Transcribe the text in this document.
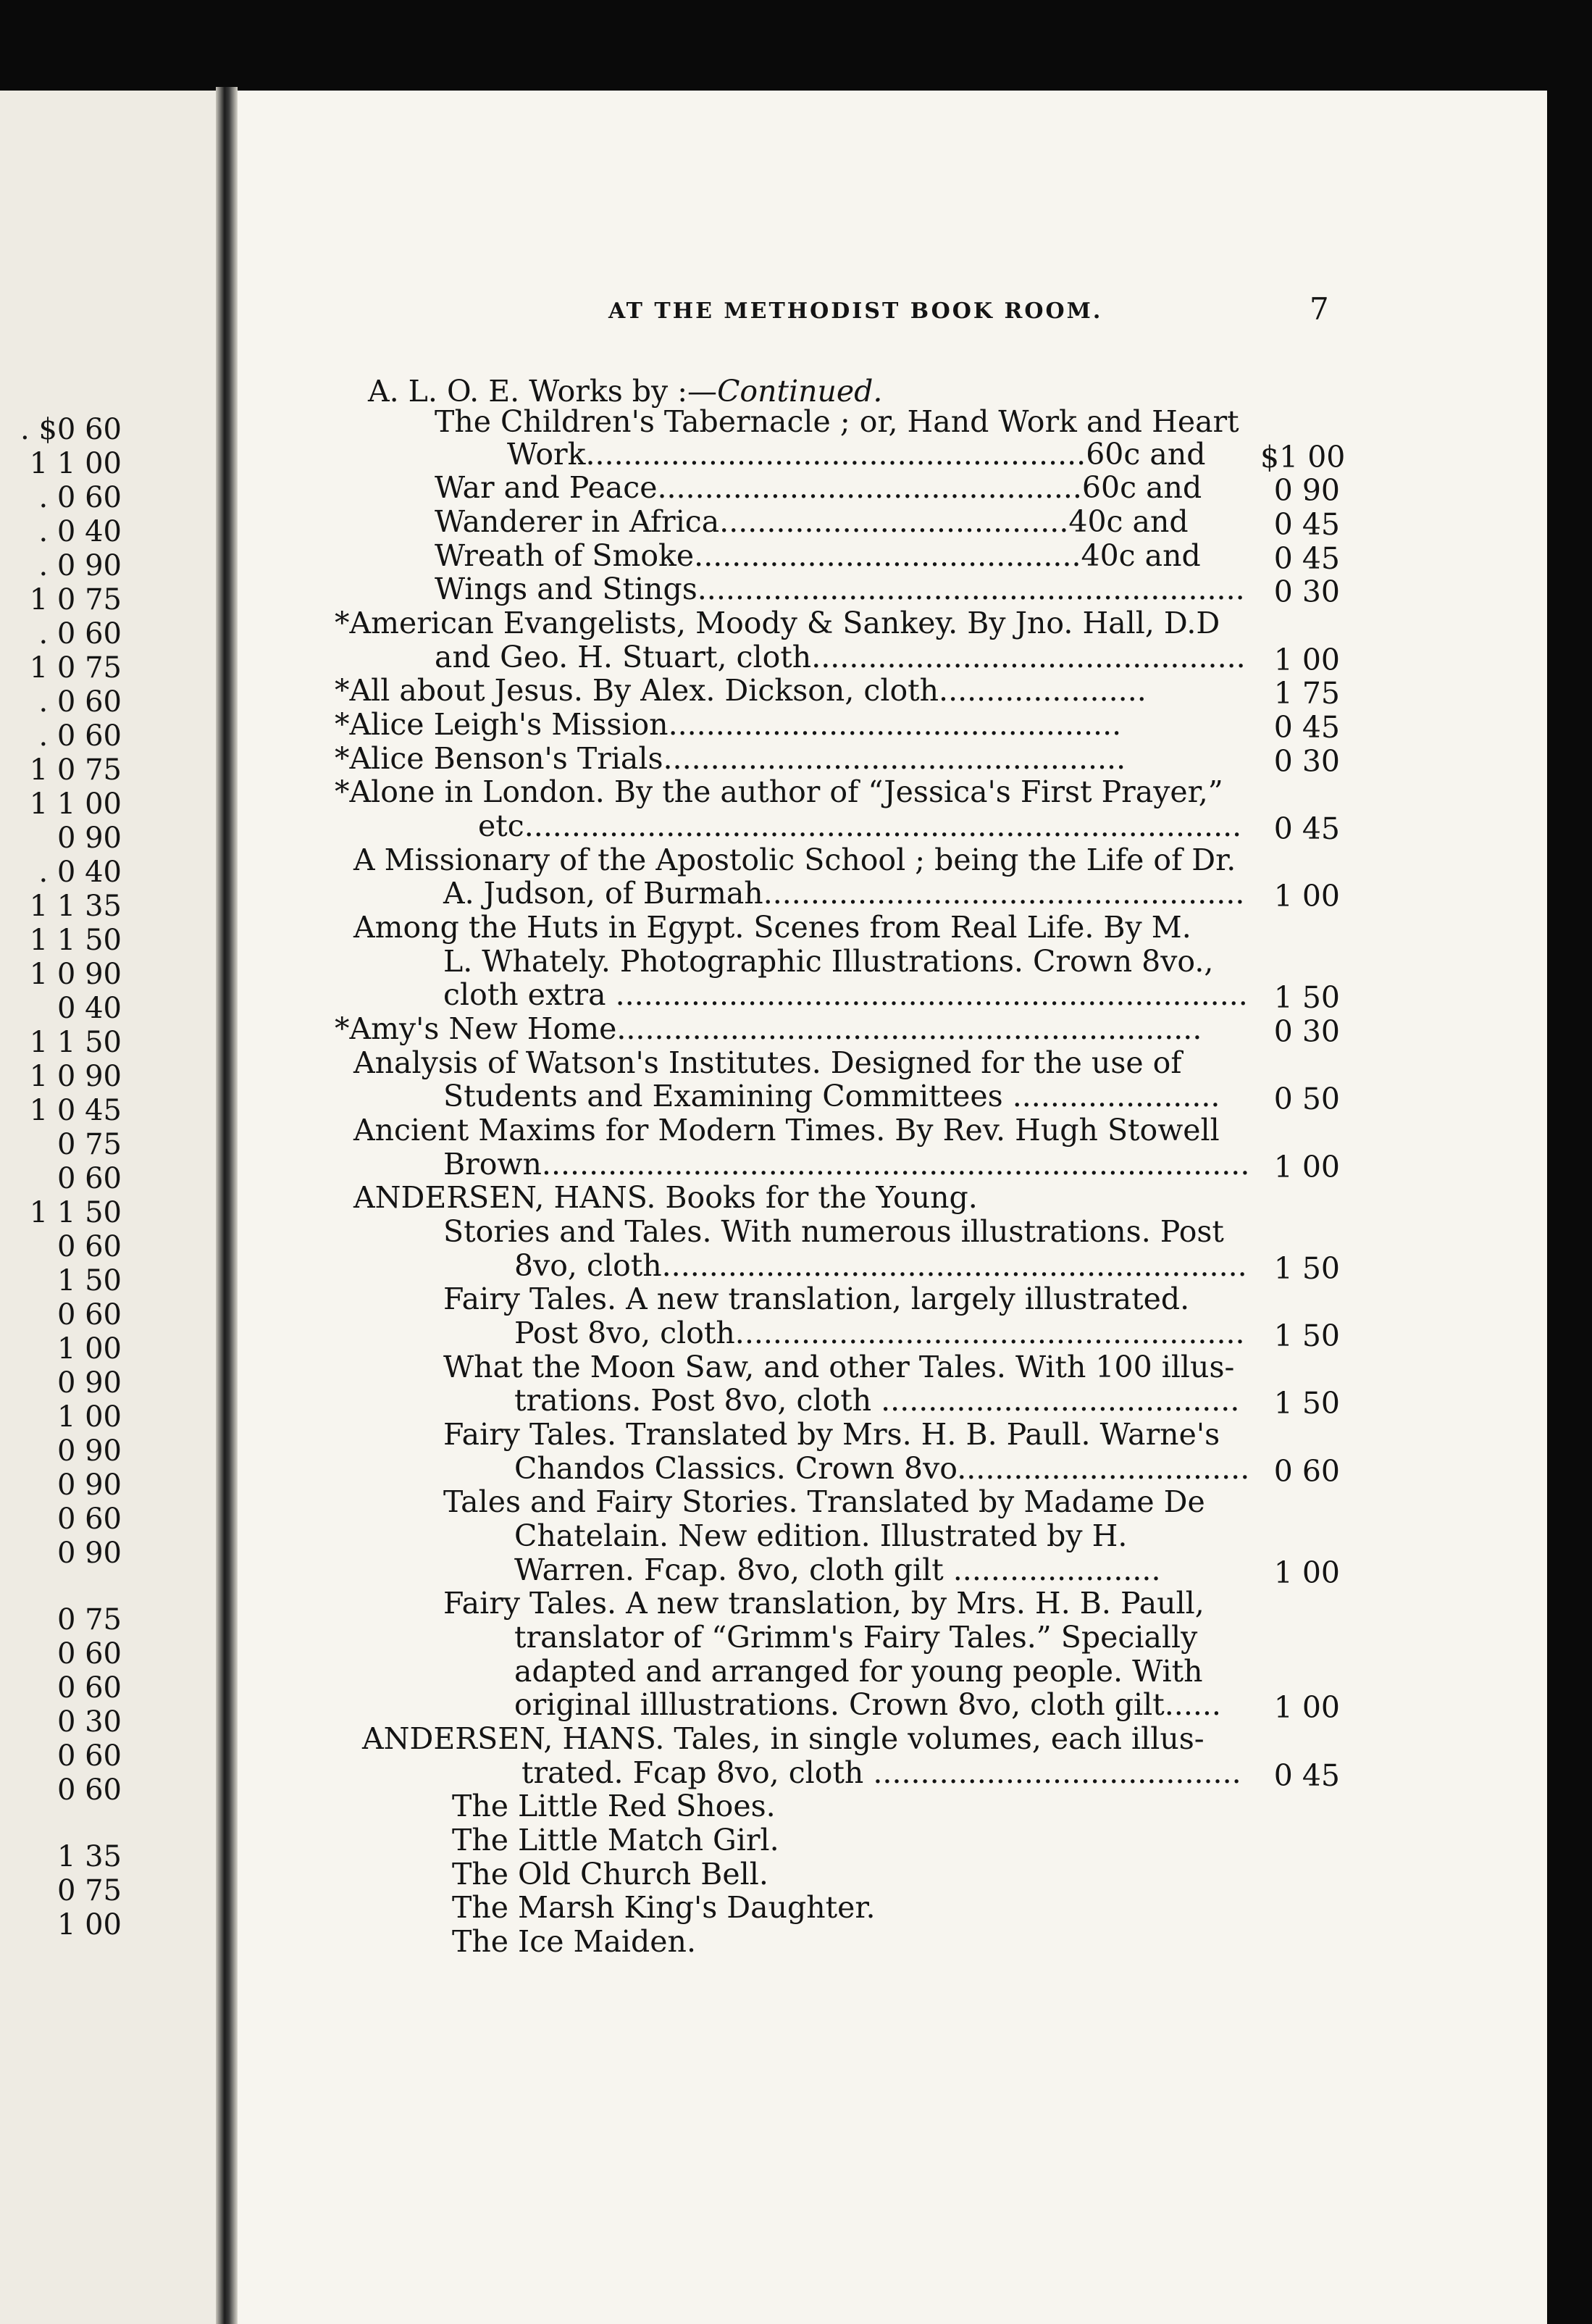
AT THE METHODIST BOOK ROOM.	7
. $0 60
1 1 00
. 0 60
. 0 40
. 0 90
1 0 75
. 0 60
1 0 75
. 0 60
. 0 60
1 0 75
1 1 00
0 90
. 0 40
1 1 35
1 1 50
1 0 90
0 40
1 1 50
1 0 90
1 0 45
0 75
0 60
1 1 50
0 60
1 50
0 60
1 00
0 90
1 00
0 90
0 90
0 60
0 90
0 75
0 60
0 60
0 30
0 60
0 60
1 35
0 75
1 00
A. L. O. E. Works by :—Continued.
The Children's Tabernacle ; or, Hand Work and Heart
Work.....................................................60c and $1 00
War and Peace.............................................60c and	0 90
Wanderer in Africa.....................................40c and	0 45
Wreath of Smoke.........................................40c and	0 45
Wings and Stings.......................................................... 0 30
*American Evangelists, Moody & Sankey. By Jno. Hall, D.D
and Geo. H. Stuart, cloth.............................................. 1 00
*All about Jesus. By Alex. Dickson, cloth......................	1 75
*Alice Leigh's Mission................................................	0 45
*Alice Benson's Trials.................................................	0 30
*Alone in London. By the author of “Jessica's First Prayer,”
etc............................................................................	0 45
A Missionary of the Apostolic School ; being the Life of Dr.
A. Judson, of Burmah................................................... 1 00
Among the Huts in Egypt. Scenes from Real Life. By M.
L. Whately. Photographic Illustrations. Crown 8vo.,
cloth extra ................................................................... 1 50
*Amy's New Home..............................................................	0 30
Analysis of Watson's Institutes. Designed for the use of
Students and Examining Committees ......................	0 50
Ancient Maxims for Modern Times. By Rev. Hugh Stowell
Brown........................................................................... 1 00
ANDERSEN, HANS. Books for the Young.
Stories and Tales. With numerous illustrations. Post
8vo, cloth.............................................................. 1 50
Fairy Tales. A new translation, largely illustrated.
Post 8vo, cloth...................................................... 1 50
What the Moon Saw, and other Tales. With 100 illus-
trations. Post 8vo, cloth ......................................	1 50
Fairy Tales. Translated by Mrs. H. B. Paull. Warne's
Chandos Classics. Crown 8vo............................... 0 60
Tales and Fairy Stories. Translated by Madame De
Chatelain. New edition. Illustrated by H.
Warren. Fcap. 8vo, cloth gilt ......................	1 00
Fairy Tales. A new translation, by Mrs. H. B. Paull,
translator of “Grimm's Fairy Tales.” Specially
adapted and arranged for young people. With
original illlustrations. Crown 8vo, cloth gilt......	1 00
ANDERSEN, HANS. Tales, in single volumes, each illus-
trated. Fcap 8vo, cloth .......................................	0 45
The Little Red Shoes.
The Little Match Girl.
The Old Church Bell.
The Marsh King's Daughter.
The Ice Maiden.
